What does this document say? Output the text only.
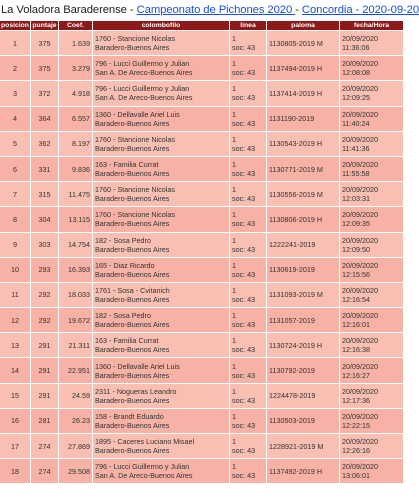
La Voladora Baraderense - Campeonato de Pichones 2020 - Concordia - 2020-09-20
posicion	puntaje	Coef.	colombofilo	linea	paloma	fecha/Hora
1	375	1.639	1760 - Stancione Nicolas
Baradero-Buenos Aires	1
soc: 43	1130805-2019 M	20/09/2020
11:36:06

2	375	3.279	796 - Lucci Guillermo y Julian
San A. De Areco-Buenos Aires	1
soc: 43	1137494-2019 H	20/09/2020
12:08:08

3	372	4.918	796 - Lucci Guillermo y Julian
San A. De Areco-Buenos Aires	1
soc: 43	1137414-2019 H	20/09/2020
12:09:25

4	364	6.557	1360 - Dellavalle Ariel Luis
Baradero-Buenos Aires	1
soc: 43	1131190-2019	20/09/2020
11:40:24

5	362	8.197	1760 - Stancione Nicolas
Baradero-Buenos Aires	1
soc: 43	1130543-2019 H	20/09/2020
11:41:36

6	331	9.836	163 - Familia Currat
Baradero-Buenos Aires	1
soc: 43	1130771-2019 M	20/09/2020
11:55:58

7	315	11.475	1760 - Stancione Nicolas
Baradero-Buenos Aires	1
soc: 43	1130556-2019 M	20/09/2020
12:03:31

8	304	13.115	1760 - Stancione Nicolas
Baradero-Buenos Aires	1
soc: 43	1130806-2019 H	20/09/2020
12:09:35

9	303	14.754	182 - Sosa Pedro
Baradero-Buenos Aires	1
soc: 43	1222241-2019	20/09/2020
12:09:50

10	293	16.393	165 - Diaz Ricardo
Baradero-Buenos Aires	1
soc: 43	1130619-2019	20/09/2020
12:15:56

11	292	18.033	1761 - Sosa - Cvitanich
Baradero-Buenos Aires	1
soc: 43	1131093-2019 M	20/09/2020
12:16:54

12	292	19.672	182 - Sosa Pedro
Baradero-Buenos Aires	1
soc: 43	1131057-2019	20/09/2020
12:16:01

13	291	21.311	163 - Familia Currat
Baradero-Buenos Aires	1
soc: 43	1130724-2019 H	20/09/2020
12:16:38

14	291	22.951	1360 - Dellavalle Ariel Luis
Baradero-Buenos Aires	1
soc: 43	1130792-2019	20/09/2020
12:16:27

15	291	24.59	2311 - Nogueras Leandro
Baradero-Buenos Aires	1
soc: 43	1224478-2019	20/09/2020
12:17:36

16	281	26.23	158 - Brandt Eduardo
Baradero-Buenos Aires	1
soc: 43	1130503-2019	20/09/2020
12:22:15

17	274	27.869	1895 - Caceres Luciano Misael
Baradero-Buenos Aires	1
soc: 43	1228921-2019 M	20/09/2020
12:26:16

18	274	29.508	796 - Lucci Guillermo y Julian
San A. De Areco-Buenos Aires	1
soc: 43	1137492-2019 H	20/09/2020
13:06:01
